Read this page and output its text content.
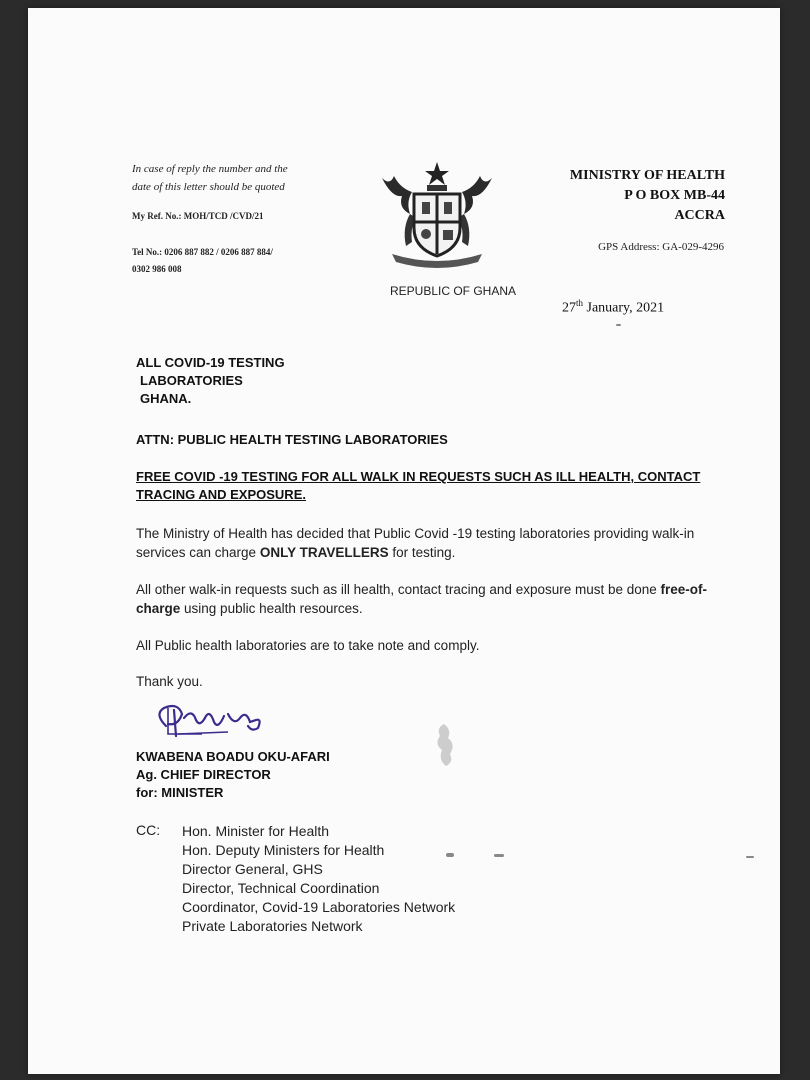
In case of reply the number and the
date of this letter should be quoted
My Ref. No.: MOH/TCD /CVD/21
Tel No.: 0206 887 882 / 0206 887 884/
0302 986 008
REPUBLIC OF GHANA
MINISTRY OF HEALTH
P O BOX MB-44
ACCRA
GPS Address: GA-029-4296
27th January, 2021
ALL COVID-19 TESTING
LABORATORIES
GHANA.
ATTN: PUBLIC HEALTH TESTING LABORATORIES
FREE COVID -19 TESTING FOR ALL WALK IN REQUESTS SUCH AS ILL HEALTH, CONTACT TRACING AND EXPOSURE.
The Ministry of Health has decided that Public Covid -19 testing laboratories providing walk-in services can charge ONLY TRAVELLERS for testing.
All other walk-in requests such as ill health, contact tracing and exposure must be done free-of-charge using public health resources.
All Public health laboratories are to take note and comply.
Thank you.
KWABENA BOADU OKU-AFARI
Ag. CHIEF DIRECTOR
for: MINISTER
CC: Hon. Minister for Health
Hon. Deputy Ministers for Health
Director General, GHS
Director, Technical Coordination
Coordinator, Covid-19 Laboratories Network
Private Laboratories Network
